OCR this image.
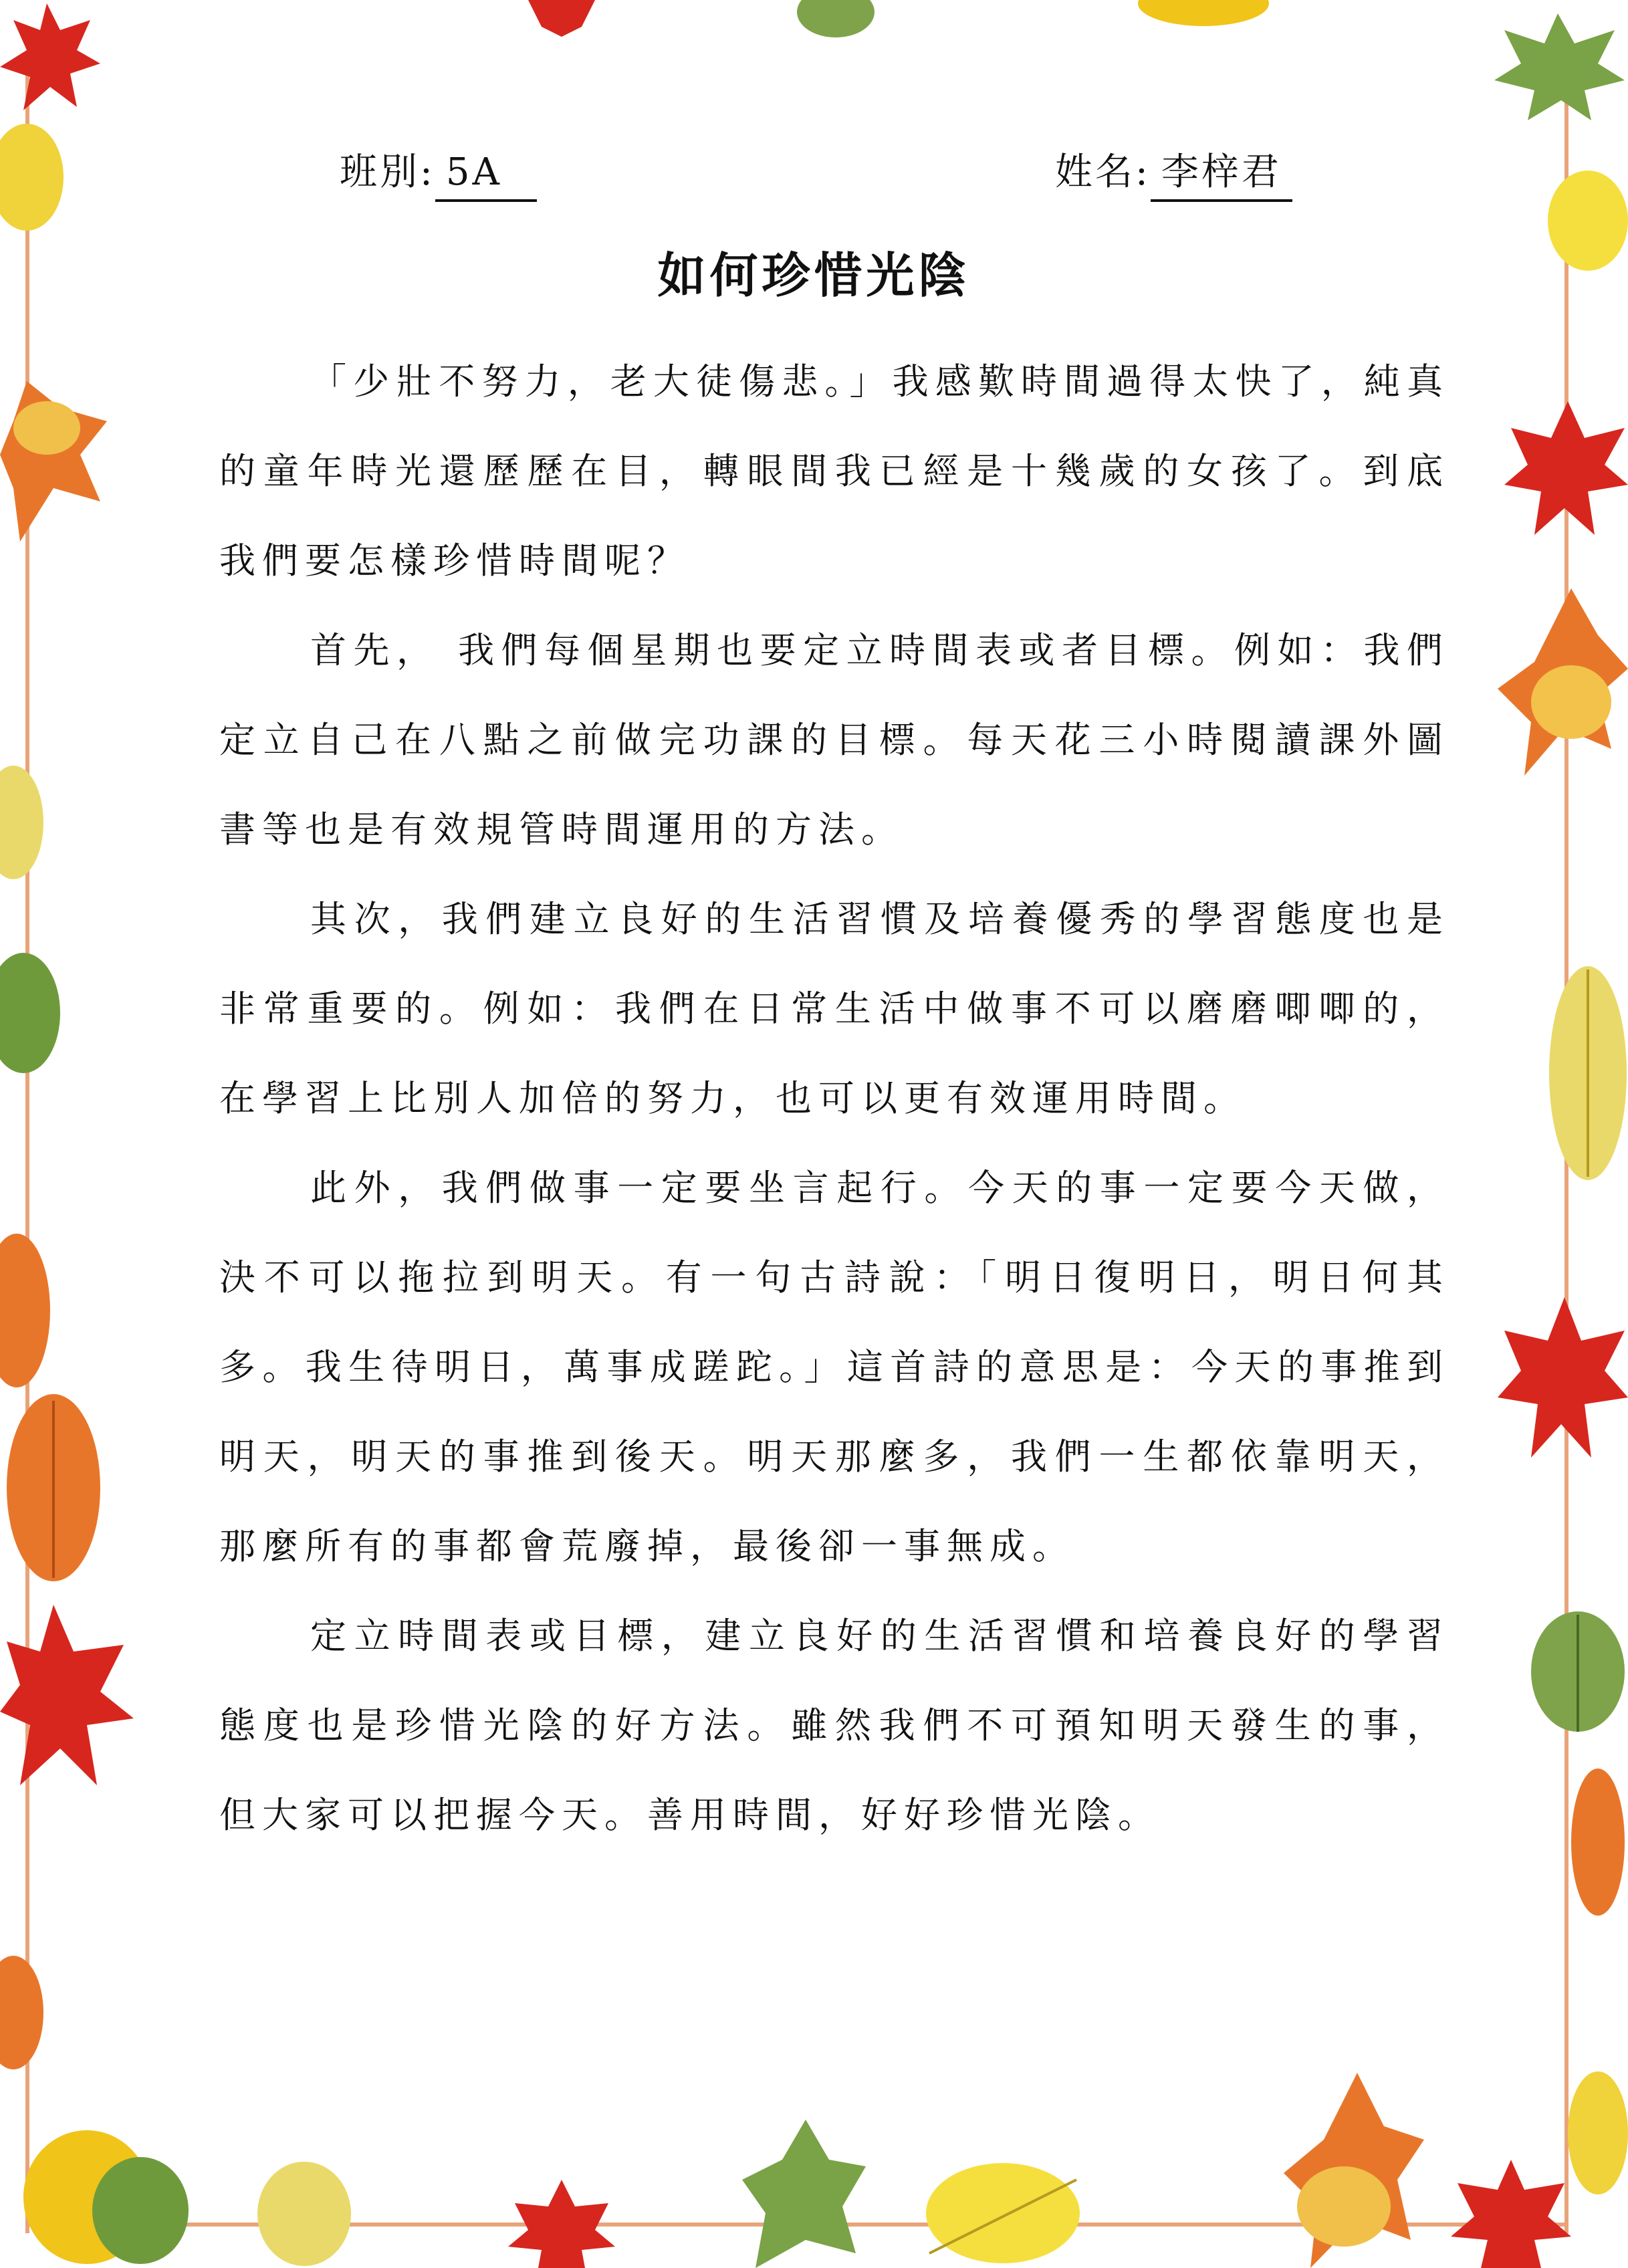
班別: 5A	姓名: 李梓君
如何珍惜光陰

「少壯不努力，老大徒傷悲。」我感歎時間過得太快了，純真的童年時光還歷歷在目，轉眼間我已經是十幾歲的女孩了。到底我們要怎樣珍惜時間呢？

首先， 我們每個星期也要定立時間表或者目標。例如：我們定立自己在八點之前做完功課的目標。每天花三小時閱讀課外圖書等也是有效規管時間運用的方法。

其次，我們建立良好的生活習慣及培養優秀的學習態度也是非常重要的。例如：我們在日常生活中做事不可以磨磨唧唧的，在學習上比別人加倍的努力，也可以更有效運用時間。

此外，我們做事一定要坐言起行。今天的事一定要今天做，決不可以拖拉到明天。有一句古詩說：「明日復明日，明日何其多。我生待明日，萬事成蹉跎。」這首詩的意思是：今天的事推到明天，明天的事推到後天。明天那麼多，我們一生都依靠明天，那麼所有的事都會荒廢掉，最後卻一事無成。

定立時間表或目標，建立良好的生活習慣和培養良好的學習態度也是珍惜光陰的好方法。雖然我們不可預知明天發生的事，但大家可以把握今天。善用時間，好好珍惜光陰。
